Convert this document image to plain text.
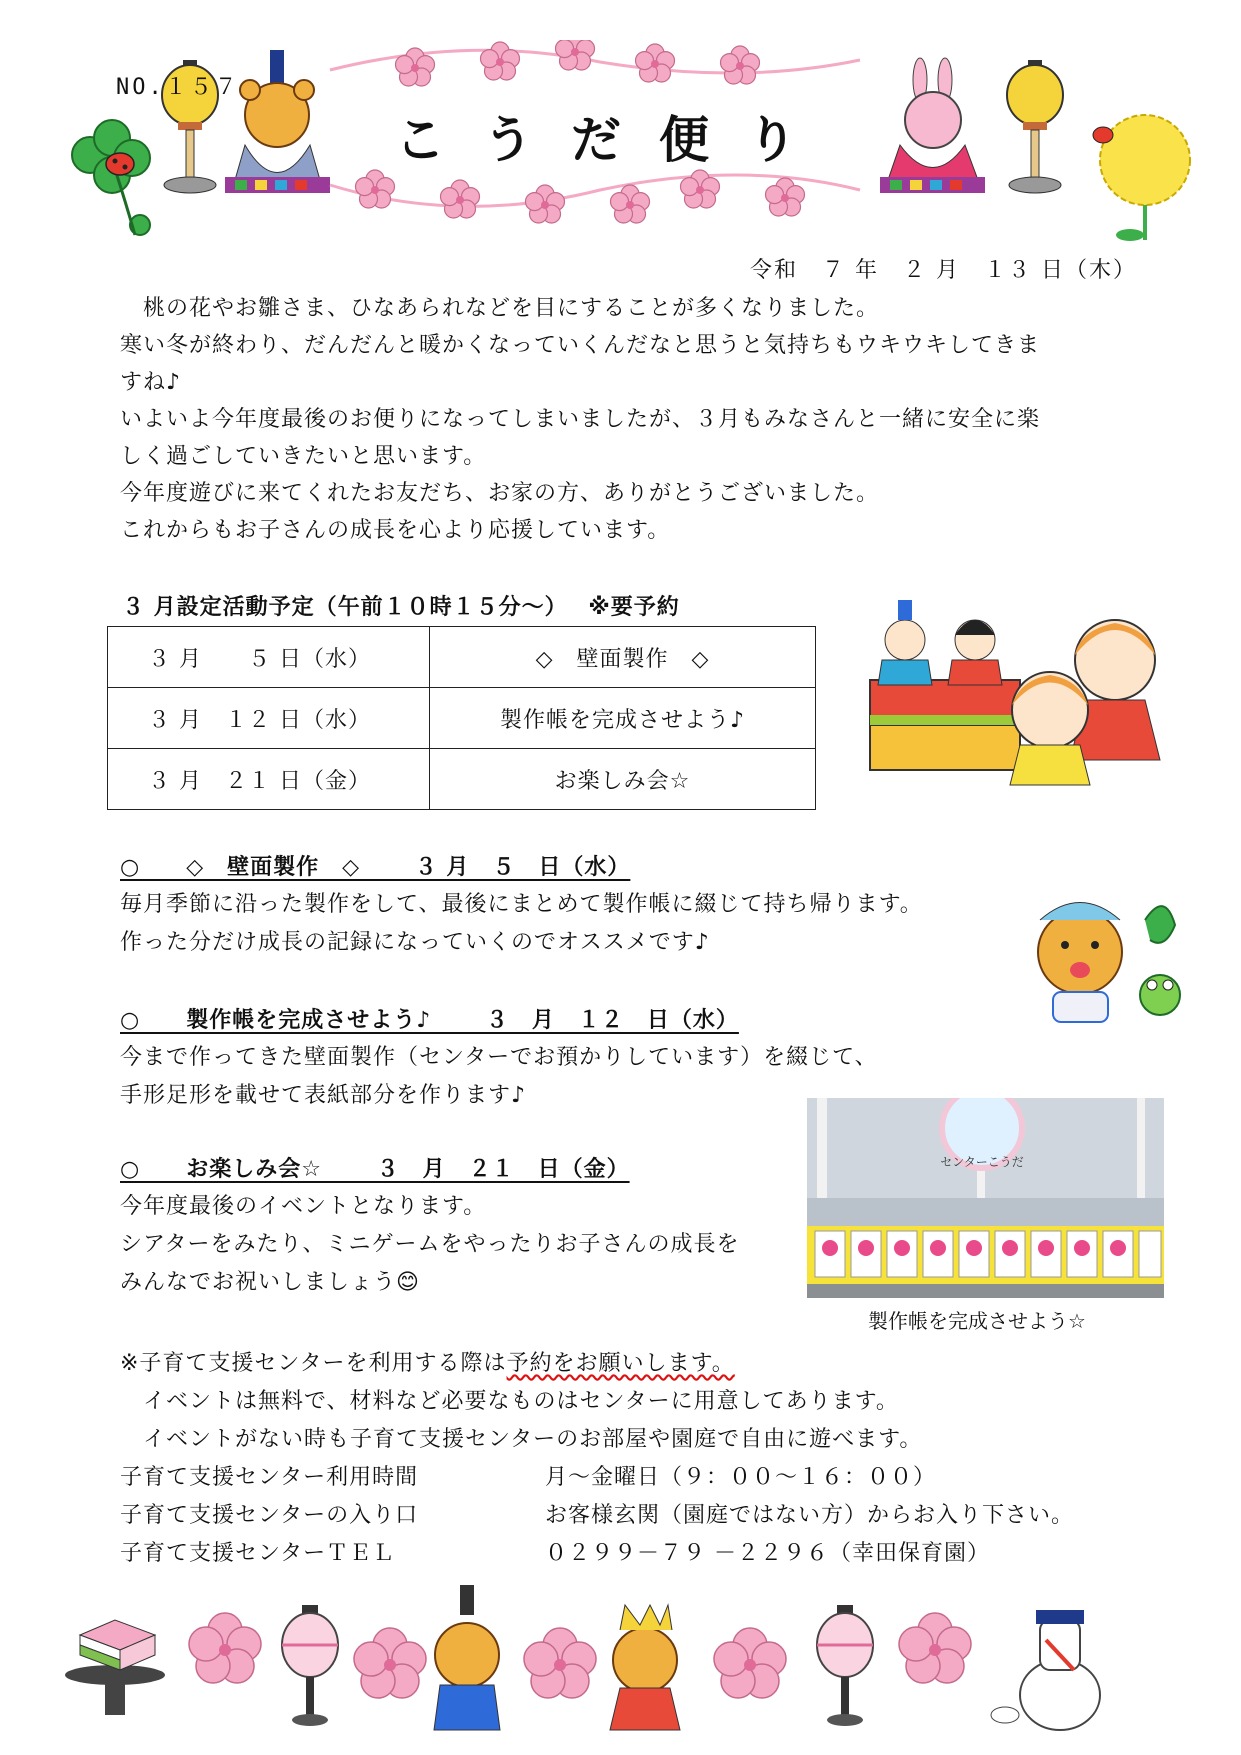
NO.１５７
こうだ便り
令和　７ 年　２ 月　１３ 日（木）

　桃の花やお雛さま、ひなあられなどを目にすることが多くなりました。

寒い冬が終わり、だんだんと暖かくなっていくんだなと思うと気持ちもウキウキしてきま

すね♪

いよいよ今年度最後のお便りになってしまいましたが、３月もみなさんと一緒に安全に楽

しく過ごしていきたいと思います。

今年度遊びに来てくれたお友だち、お家の方、ありがとうございました。

これからもお子さんの成長を心より応援しています。

３ 月設定活動予定（午前１０時１５分～）　 ※要予約
３ 月　　５ 日（水）	◇　壁面製作　◇
３ 月　１２ 日（水）	製作帳を完成させよう♪
３ 月　２１ 日（金）	お楽しみ会☆
○　　◇　壁面製作　◇　　 ３ 月　５　日（水）
毎月季節に沿った製作をして、最後にまとめて製作帳に綴じて持ち帰ります。
作った分だけ成長の記録になっていくのでオススメです♪
○　　製作帳を完成させよう♪　　 ３　月　１２　日（水）
今まで作ってきた壁面製作（センターでお預かりしています）を綴じて、
手形足形を載せて表紙部分を作ります♪
○　　お楽しみ会☆　　 ３　月　２１　日（金）
今年度最後のイベントとなります。
シアターをみたり、ミニゲームをやったりお子さんの成長を
みんなでお祝いしましょう😊
センターこうだ
製作帳を完成させよう☆
※子育て支援センターを利用する際は予約をお願いします。
　イベントは無料で、材料など必要なものはセンターに用意してあります。
　イベントがない時も子育て支援センターのお部屋や園庭で自由に遊べます。
子育て支援センター利用時間	月～金曜日（９：００～１６：００）
子育て支援センターの入り口	お客様玄関（園庭ではない方）からお入り下さい。
子育て支援センターＴＥＬ	０２９９－７９ －２２９６（幸田保育園）
